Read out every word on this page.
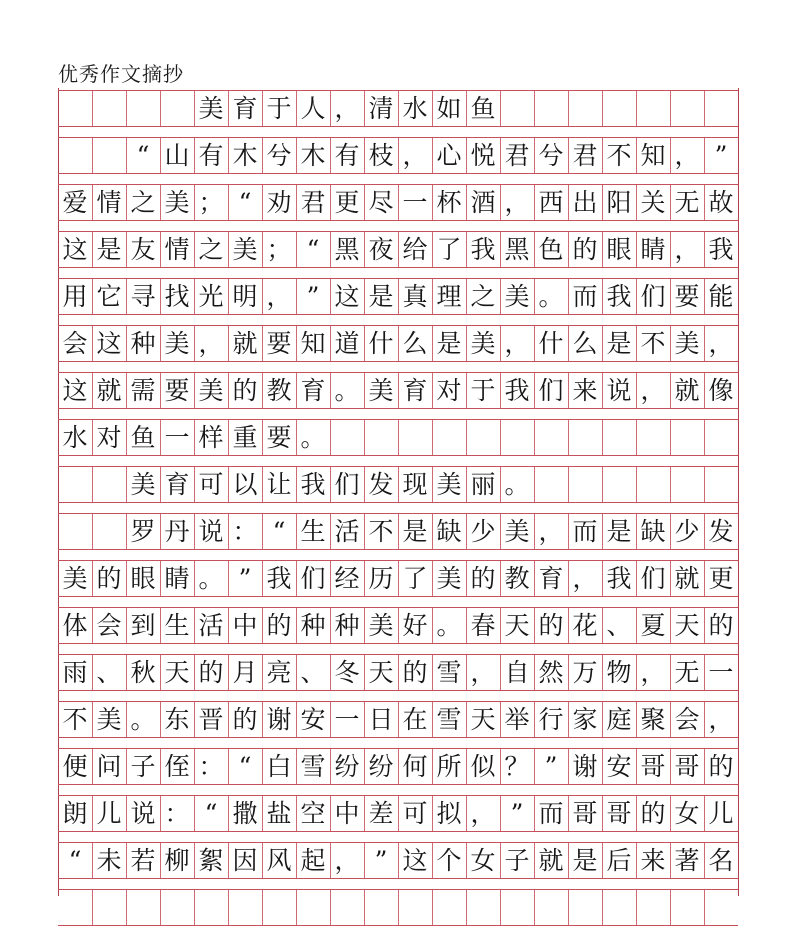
优秀作文摘抄
美 育 于 人 ， 清 水 如 鱼
“ 山 有 木 兮 木 有 枝 ， 心 悦 君 兮 君 不 知 ， ”
爱 情 之 美 ； “ 劝 君 更 尽 一 杯 酒 ， 西 出 阳 关 无 故
这 是 友 情 之 美 ； “ 黑 夜 给 了 我 黑 色 的 眼 睛 ， 我
用 它 寻 找 光 明 ， ” 这 是 真 理 之 美 。 而 我 们 要 能
会 这 种 美 ， 就 要 知 道 什 么 是 美 ， 什 么 是 不 美 ，
这 就 需 要 美 的 教 育 。 美 育 对 于 我 们 来 说 ， 就 像
水 对 鱼 一 样 重 要 。
美 育 可 以 让 我 们 发 现 美 丽 。
罗 丹 说 ： “ 生 活 不 是 缺 少 美 ， 而 是 缺 少 发
美 的 眼 睛 。 ” 我 们 经 历 了 美 的 教 育 ， 我 们 就 更
体 会 到 生 活 中 的 种 种 美 好 。 春 天 的 花 、 夏 天 的
雨 、 秋 天 的 月 亮 、 冬 天 的 雪 ， 自 然 万 物 ， 无 一
不 美 。 东 晋 的 谢 安 一 日 在 雪 天 举 行 家 庭 聚 会 ，
便 问 子 侄 ： “ 白 雪 纷 纷 何 所 似 ？ ” 谢 安 哥 哥 的
朗 儿 说 ： “ 撒 盐 空 中 差 可 拟 ， ” 而 哥 哥 的 女 儿
“ 未 若 柳 絮 因 风 起 ， ” 这 个 女 子 就 是 后 来 著 名
